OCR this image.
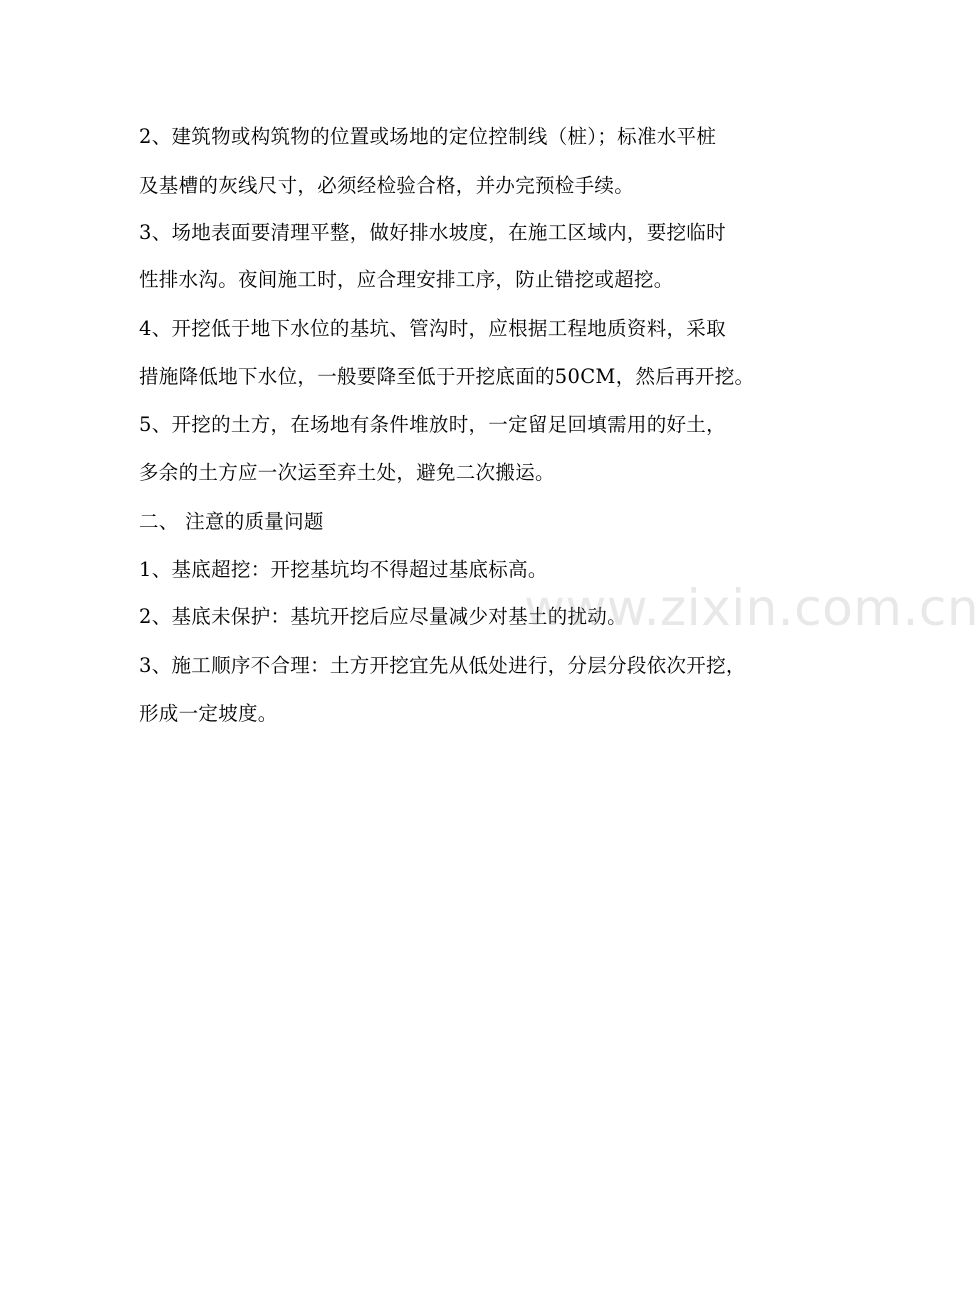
2、建筑物或构筑物的位置或场地的定位控制线（桩）；标准水平桩
及基槽的灰线尺寸，必须经检验合格，并办完预检手续。
3、场地表面要清理平整，做好排水坡度，在施工区域内，要挖临时
性排水沟。夜间施工时，应合理安排工序，防止错挖或超挖。
4、开挖低于地下水位的基坑、管沟时，应根据工程地质资料，采取
措施降低地下水位，一般要降至低于开挖底面的50CM，然后再开挖。
5、开挖的土方，在场地有条件堆放时，一定留足回填需用的好土，
多余的土方应一次运至弃土处，避免二次搬运。
二、 注意的质量问题
1、基底超挖：开挖基坑均不得超过基底标高。
2、基底未保护：基坑开挖后应尽量减少对基土的扰动。
3、施工顺序不合理：土方开挖宜先从低处进行，分层分段依次开挖，
形成一定坡度。
www.zixin.com.cn
